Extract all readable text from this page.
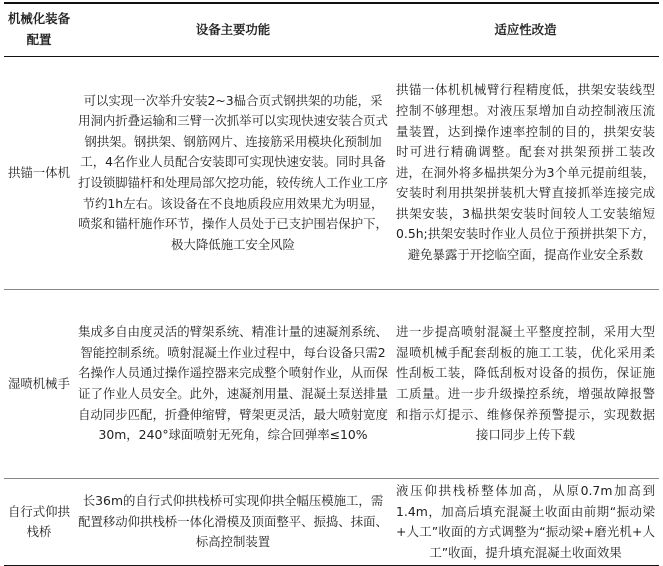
机械化装备配置	设备主要功能	适应性改造
拱锚一体机	可以实现一次举升安装2~3榀合页式钢拱架的功能，采用洞内折叠运输和三臂一次抓举可以实现快速安装合页式钢拱架。钢拱架、钢筋网片、连接筋采用模块化预制加工，4名作业人员配合安装即可实现快速安装。同时具备打设锁脚锚杆和处理局部欠挖功能，较传统人工作业工序节约1h左右。该设备在不良地质段应用效果尤为明显，喷浆和锚杆施作环节，操作人员处于已支护围岩保护下，极大降低施工安全风险	拱锚一体机机械臂行程精度低，拱架安装线型控制不够理想。对液压泵增加自动控制液压流量装置，达到操作速率控制的目的，拱架安装时可进行精确调整。配套对拱架预拼工装改进，在洞外将多榀拱架分为3个单元提前组装，安装时利用拱架拼装机大臂直接抓举连接完成拱架安装，3榀拱架安装时间较人工安装缩短0.5h;拱架安装时作业人员位于预拼拱架下方，避免暴露于开挖临空面，提高作业安全系数
湿喷机械手	集成多自由度灵活的臂架系统、精准计量的速凝剂系统、智能控制系统。喷射混凝土作业过程中，每台设备只需2名操作人员通过操作遥控器来完成整个喷射作业，从而保证了作业人员安全。此外，速凝剂用量、混凝土泵送排量自动同步匹配，折叠伸缩臂，臂架更灵活，最大喷射宽度30m，240°球面喷射无死角，综合回弹率≤10%	进一步提高喷射混凝土平整度控制，采用大型湿喷机械手配套刮板的施工工装，优化采用柔性刮板工装，降低刮板对设备的损伤，保证施工质量。进一步升级操控系统，增强故障报警和指示灯提示、维修保养预警提示，实现数据接口同步上传下载
自行式仰拱栈桥	长36m的自行式仰拱栈桥可实现仰拱全幅压模施工，需配置移动仰拱栈桥一体化滑模及顶面整平、振捣、抹面、标高控制装置	液压仰拱栈桥整体加高，从原0.7m加高到1.4m，加高后填充混凝土收面由前期“振动梁+人工”收面的方式调整为“振动梁+磨光机+人工”收面，提升填充混凝土收面效果
